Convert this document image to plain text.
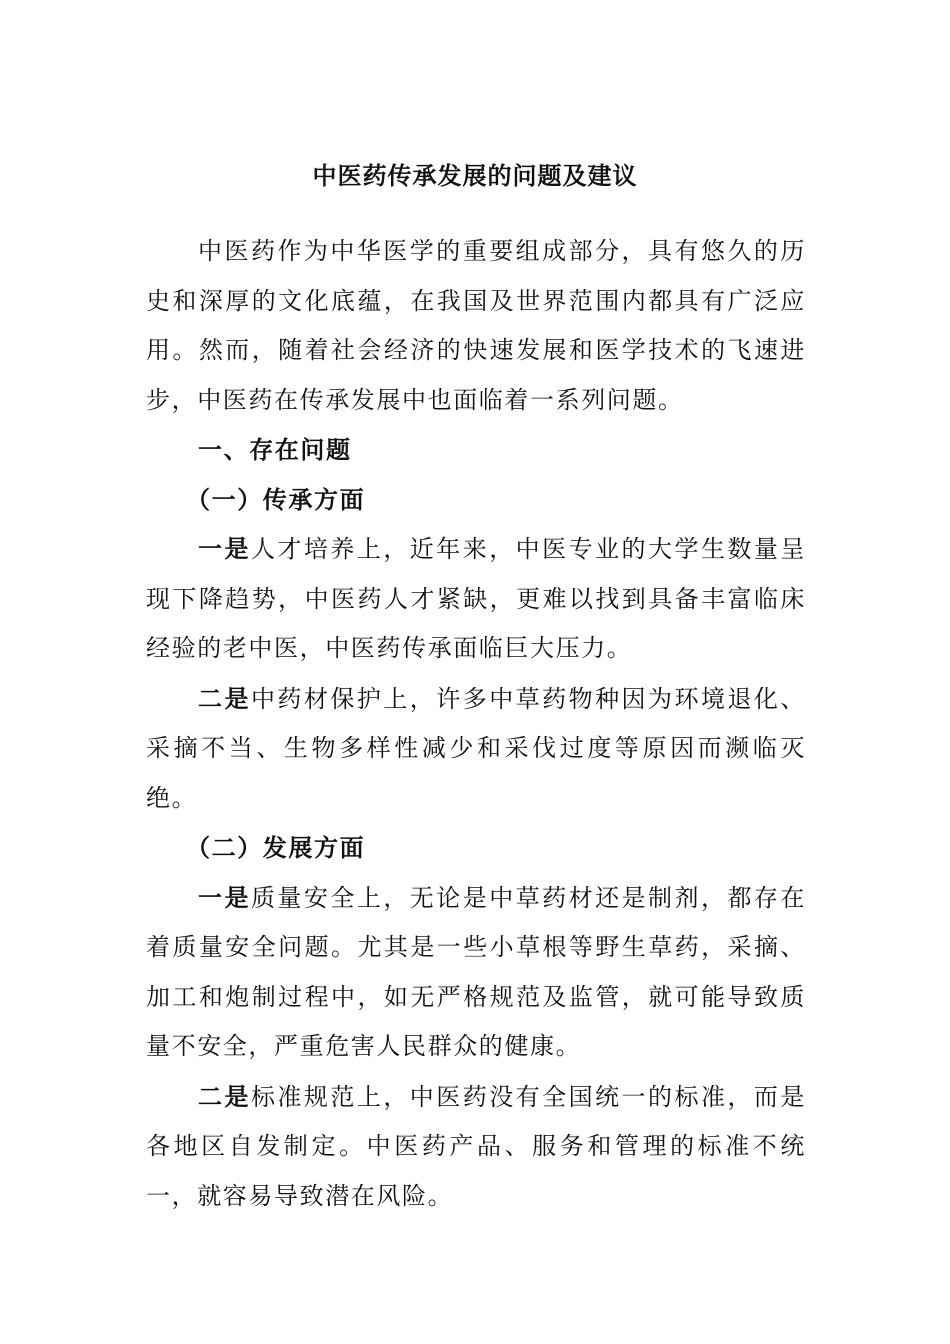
中医药传承发展的问题及建议

中医药作为中华医学的重要组成部分，具有悠久的历史和深厚的文化底蕴，在我国及世界范围内都具有广泛应用。然而，随着社会经济的快速发展和医学技术的飞速进步，中医药在传承发展中也面临着一系列问题。

一、存在问题

（一）传承方面

一是人才培养上，近年来，中医专业的大学生数量呈现下降趋势，中医药人才紧缺，更难以找到具备丰富临床经验的老中医，中医药传承面临巨大压力。

二是中药材保护上，许多中草药物种因为环境退化、采摘不当、生物多样性减少和采伐过度等原因而濒临灭绝。

（二）发展方面

一是质量安全上，无论是中草药材还是制剂，都存在着质量安全问题。尤其是一些小草根等野生草药，采摘、加工和炮制过程中，如无严格规范及监管，就可能导致质量不安全，严重危害人民群众的健康。

二是标准规范上，中医药没有全国统一的标准，而是各地区自发制定。中医药产品、服务和管理的标准不统一，就容易导致潜在风险。
